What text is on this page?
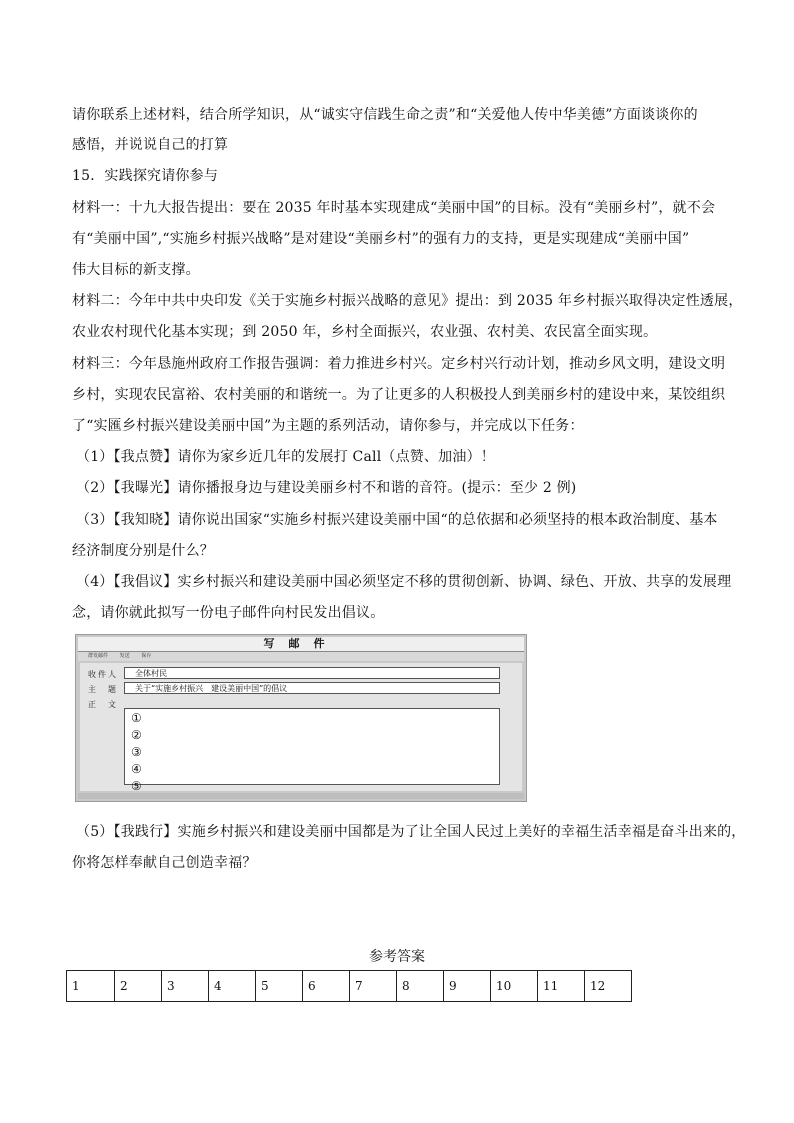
请你联系上述材料，结合所学知识，从“诚实守信践生命之责”和“关爱他人传中华美德”方面谈谈你的
感悟，并说说自己的打算
15．实践探究请你参与
材料一：十九大报告提出：要在 2035 年时基本实现建成“美丽中国”的目标。没有“美丽乡村”，就不会
有“美丽中国”,“实施乡村振兴战略”是对建设“美丽乡村”的强有力的支持，更是实现建成“美丽中国”
伟大目标的新支撑。
材料二：今年中共中央印发《关于实施乡村振兴战略的意见》提出：到 2035 年乡村振兴取得决定性透展，
农业农村现代化基本实现；到 2050 年，乡村全面振兴，农业强、农村美、农民富全面实现。
材料三：今年恳施州政府工作报告强调：着力推进乡村兴。定乡村兴行动计划，推动乡风文明，建设文明
乡村，实现农民富裕、农村美丽的和谐统一。为了让更多的人积极投人到美丽乡村的建设中来，某饺组织
了“实匯乡村振兴建设美丽中国”为主题的系列活动，请你参与，并完成以下任务：
（1）【我点赞】请你为家乡近几年的发展打 Call（点赞、加油）！
（2）【我曝光】请你播报身边与建设美丽乡村不和谐的音符。(提示：至少 2 例)
（3）【我知晓】请你说出国家“实施乡村振兴建设美丽中国“的总依据和必须坚持的根本政治制度、基本
经济制度分别是什么？
（4）【我倡议】实乡村振兴和建设美丽中国必须坚定不移的贯彻创新、协调、绿色、开放、共享的发展理
念，请你就此拟写一份电子邮件向村民发出倡议。
写邮件
群发邮件 发送 保存
收件人	全体村民
主　题	关于“实施乡村振兴　建设美丽中国”的倡议
正　文
①
②
③
④
⑤
（5）【我践行】实施乡村振兴和建设美丽中国都是为了让全国人民过上美好的幸福生活幸福是奋斗出来的，
你将怎样奉献自己创造幸福？
参考答案
1	2	3	4	5	6	7	8	9	10	11	12
